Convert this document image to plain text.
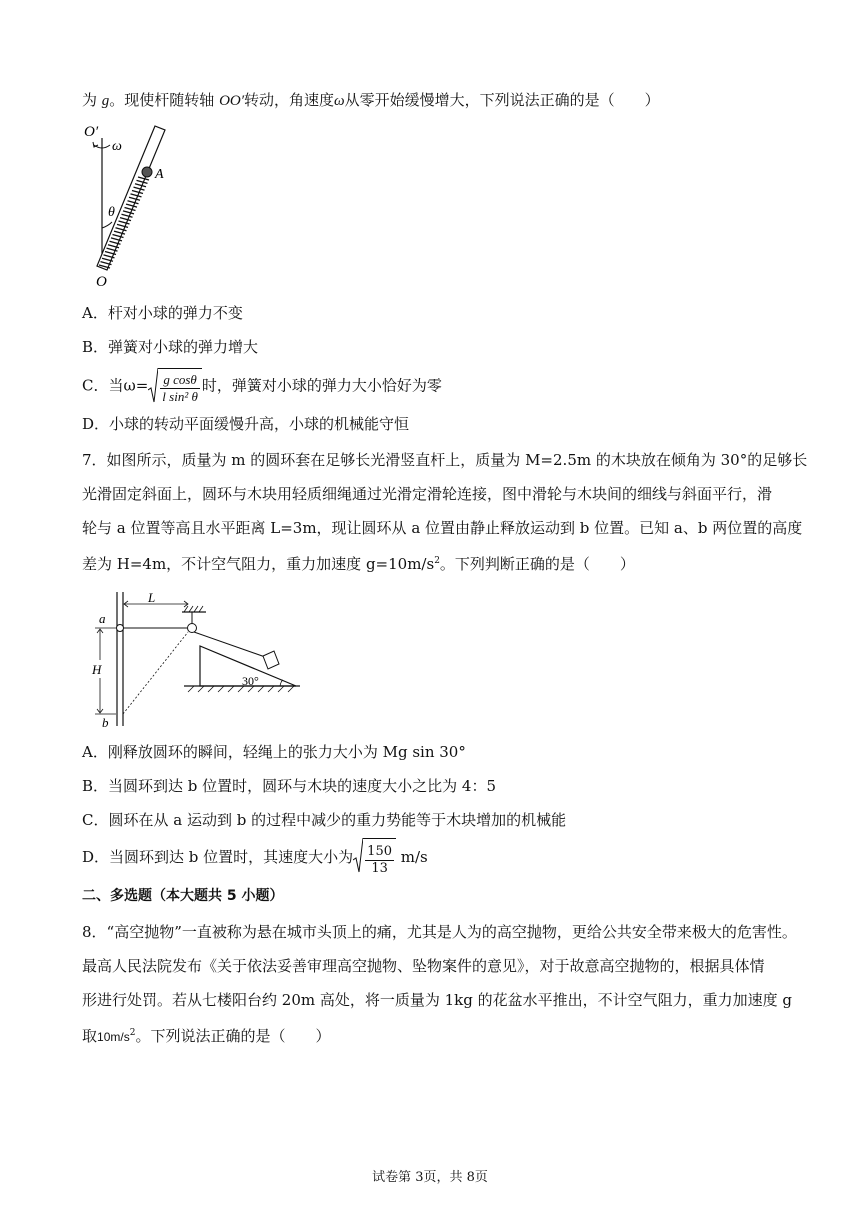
为 g。现使杆随转轴 OO′转动，角速度ω从零开始缓慢增大，下列说法正确的是（　　）
O′
ω
A
θ
O
A．杆对小球的弹力不变
B．弹簧对小球的弹力增大
C．当$\omega= \frac{\text{g cosθ}}{\text{l sin² θ}}$ 时，弹簧对小球的弹力大小恰好为零
D．小球的转动平面缓慢升高，小球的机械能守恒
7．如图所示，质量为 m 的圆环套在足够长光滑竖直杆上，质量为 M=2.5m 的木块放在倾角为 30°的足够长
光滑固定斜面上，圆环与木块用轻质细绳通过光滑定滑轮连接，图中滑轮与木块间的细线与斜面平行，滑
轮与 a 位置等高且水平距离 L=3m，现让圆环从 a 位置由静止释放运动到 b 位置。已知 a、b 两位置的高度
差为 H=4m，不计空气阻力，重力加速度 $g=10m/s^2$。下列判断正确的是（　　）
L
a
H
b
30°
A．刚释放圆环的瞬间，轻绳上的张力大小为 Mg sin 30°
B．当圆环到达 b 位置时，圆环与木块的速度大小之比为 4：5
C．圆环在从 a 运动到 b 的过程中减少的重力势能等于木块增加的机械能
D．当圆环到达 b 位置时，其速度大小为 $\frac{150}{13} m/s$
二、多选题（本大题共 5 小题）
8．“高空抛物”一直被称为悬在城市头顶上的痛，尤其是人为的高空抛物，更给公共安全带来极大的危害性。
最高人民法院发布《关于依法妥善审理高空抛物、坠物案件的意见》，对于故意高空抛物的，根据具体情
形进行处罚。若从七楼阳台约 20m 高处，将一质量为 1kg 的花盆水平推出，不计空气阻力，重力加速度 g
取$10m/s^2$。下列说法正确的是（　　）
试卷第 3页，共 8页
